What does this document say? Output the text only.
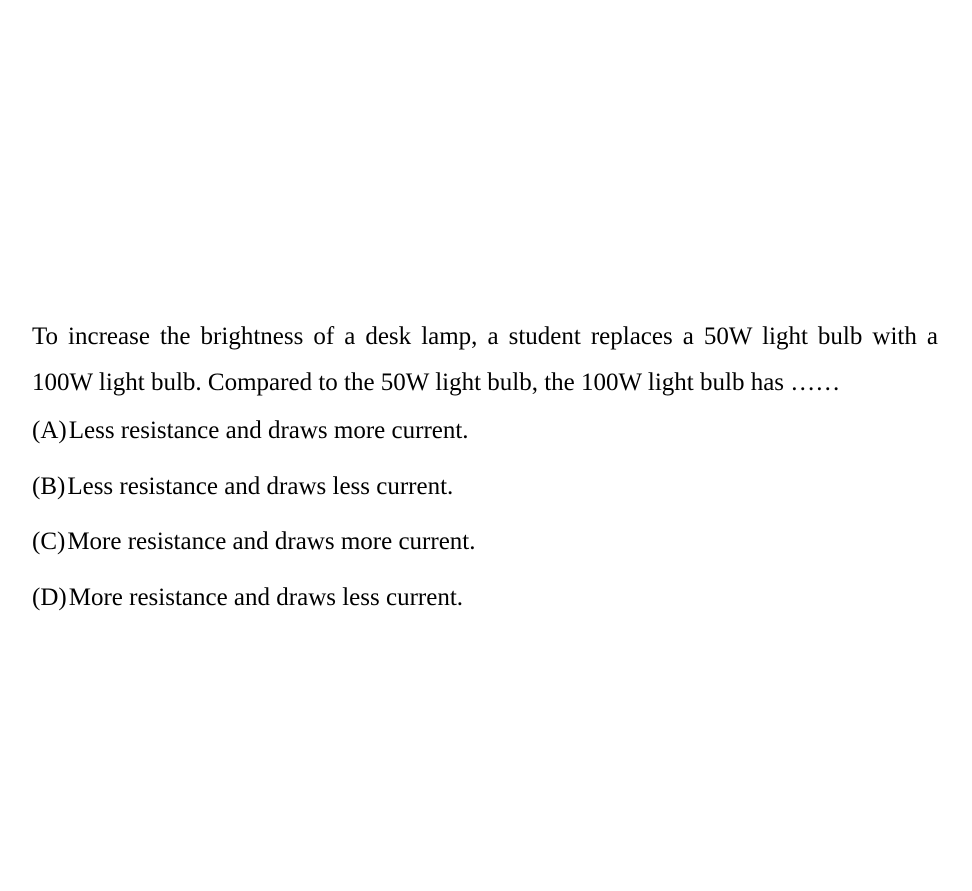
To increase the brightness of a desk lamp, a student replaces a 50W light bulb with a 100W light bulb. Compared to the 50W light bulb, the 100W light bulb has ……

(A)Less resistance and draws more current.
(B)Less resistance and draws less current.
(C)More resistance and draws more current.
(D)More resistance and draws less current.
